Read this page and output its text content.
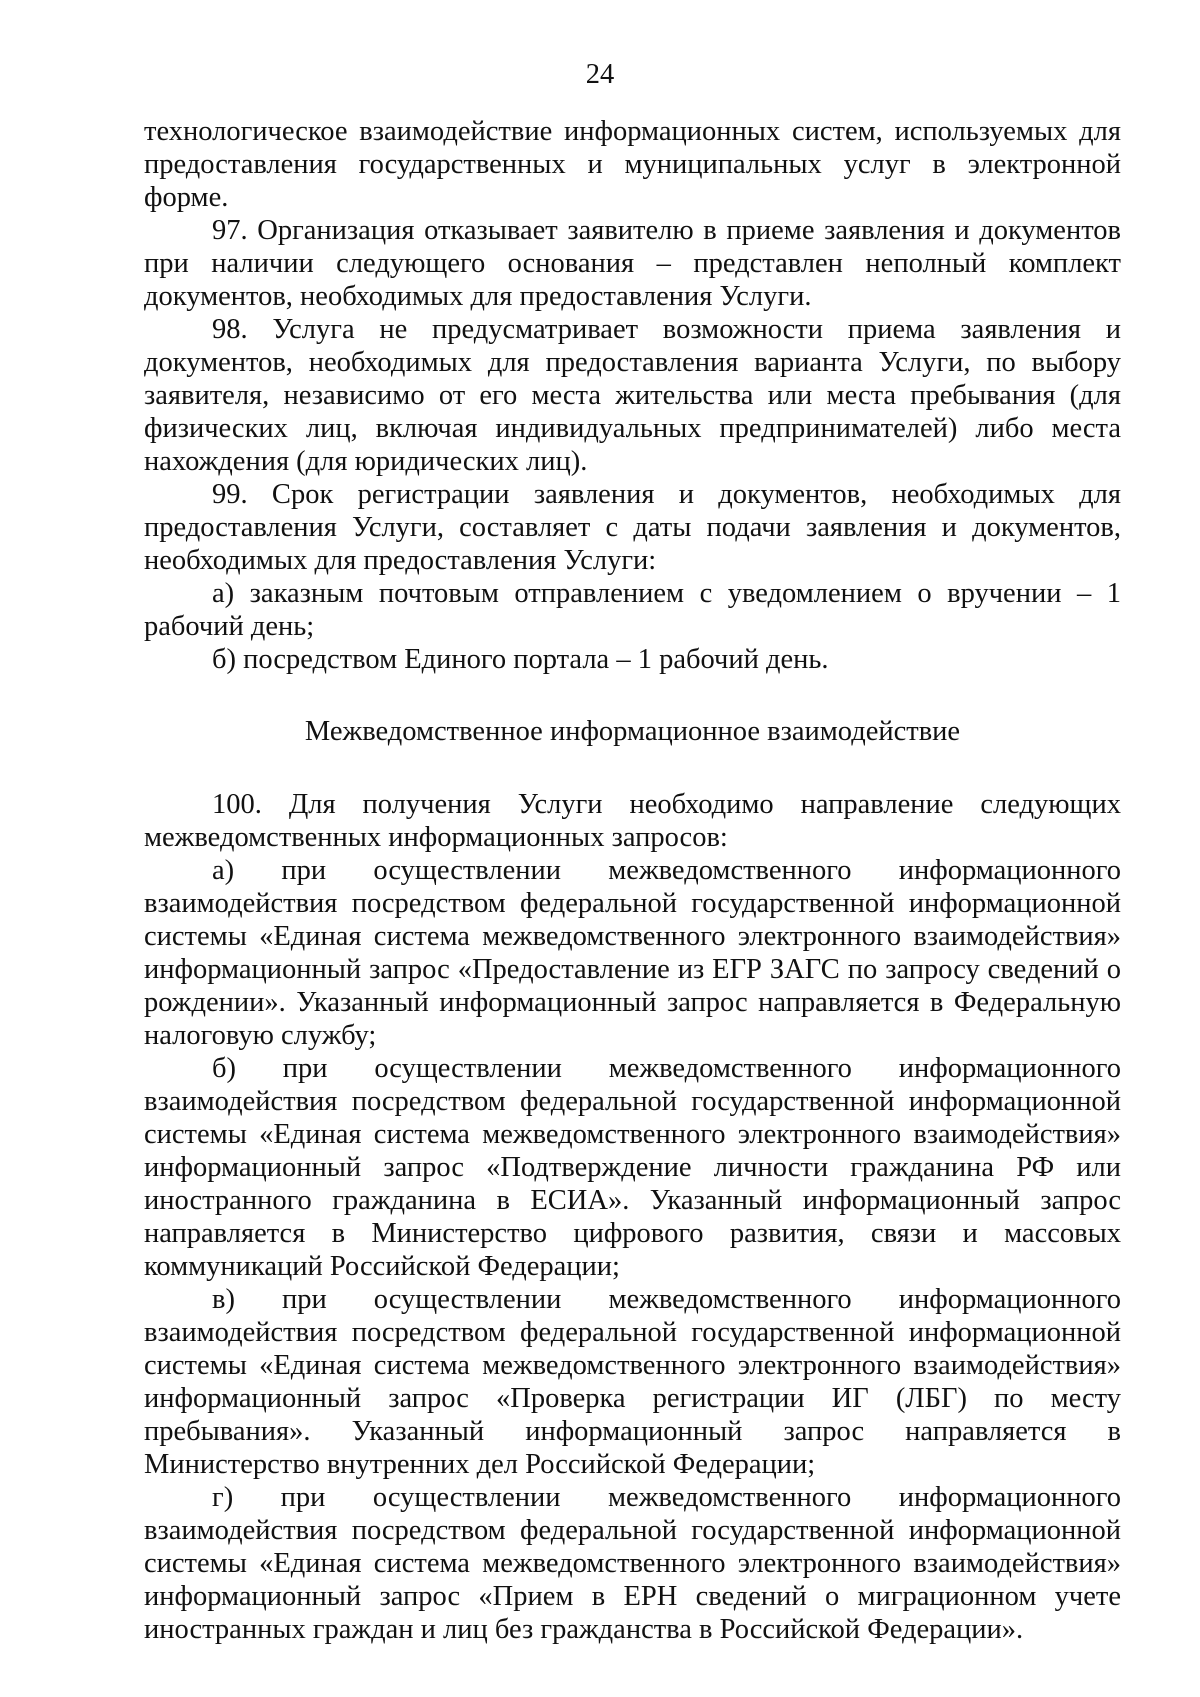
24

технологическое взаимодействие информационных систем, используемых для предоставления государственных и муниципальных услуг в электронной форме.

97. Организация отказывает заявителю в приеме заявления и документов при наличии следующего основания – представлен неполный комплект документов, необходимых для предоставления Услуги.

98. Услуга не предусматривает возможности приема заявления и документов, необходимых для предоставления варианта Услуги, по выбору заявителя, независимо от его места жительства или места пребывания (для физических лиц, включая индивидуальных предпринимателей) либо места нахождения (для юридических лиц).

99. Срок регистрации заявления и документов, необходимых для предоставления Услуги, составляет с даты подачи заявления и документов, необходимых для предоставления Услуги:

а) заказным почтовым отправлением с уведомлением о вручении – 1 рабочий день;

б) посредством Единого портала – 1 рабочий день.

Межведомственное информационное взаимодействие

100. Для получения Услуги необходимо направление следующих межведомственных информационных запросов:

а) при осуществлении межведомственного информационного взаимодействия посредством федеральной государственной информационной системы «Единая система межведомственного электронного взаимодействия» информационный запрос «Предоставление из ЕГР ЗАГС по запросу сведений о рождении». Указанный информационный запрос направляется в Федеральную налоговую службу;

б) при осуществлении межведомственного информационного взаимодействия посредством федеральной государственной информационной системы «Единая система межведомственного электронного взаимодействия» информационный запрос «Подтверждение личности гражданина РФ или иностранного гражданина в ЕСИА». Указанный информационный запрос направляется в Министерство цифрового развития, связи и массовых коммуникаций Российской Федерации;

в) при осуществлении межведомственного информационного взаимодействия посредством федеральной государственной информационной системы «Единая система межведомственного электронного взаимодействия» информационный запрос «Проверка регистрации ИГ (ЛБГ) по месту пребывания». Указанный информационный запрос направляется в Министерство внутренних дел Российской Федерации;

г) при осуществлении межведомственного информационного взаимодействия посредством федеральной государственной информационной системы «Единая система межведомственного электронного взаимодействия» информационный запрос «Прием в ЕРН сведений о миграционном учете иностранных граждан и лиц без гражданства в Российской Федерации».
